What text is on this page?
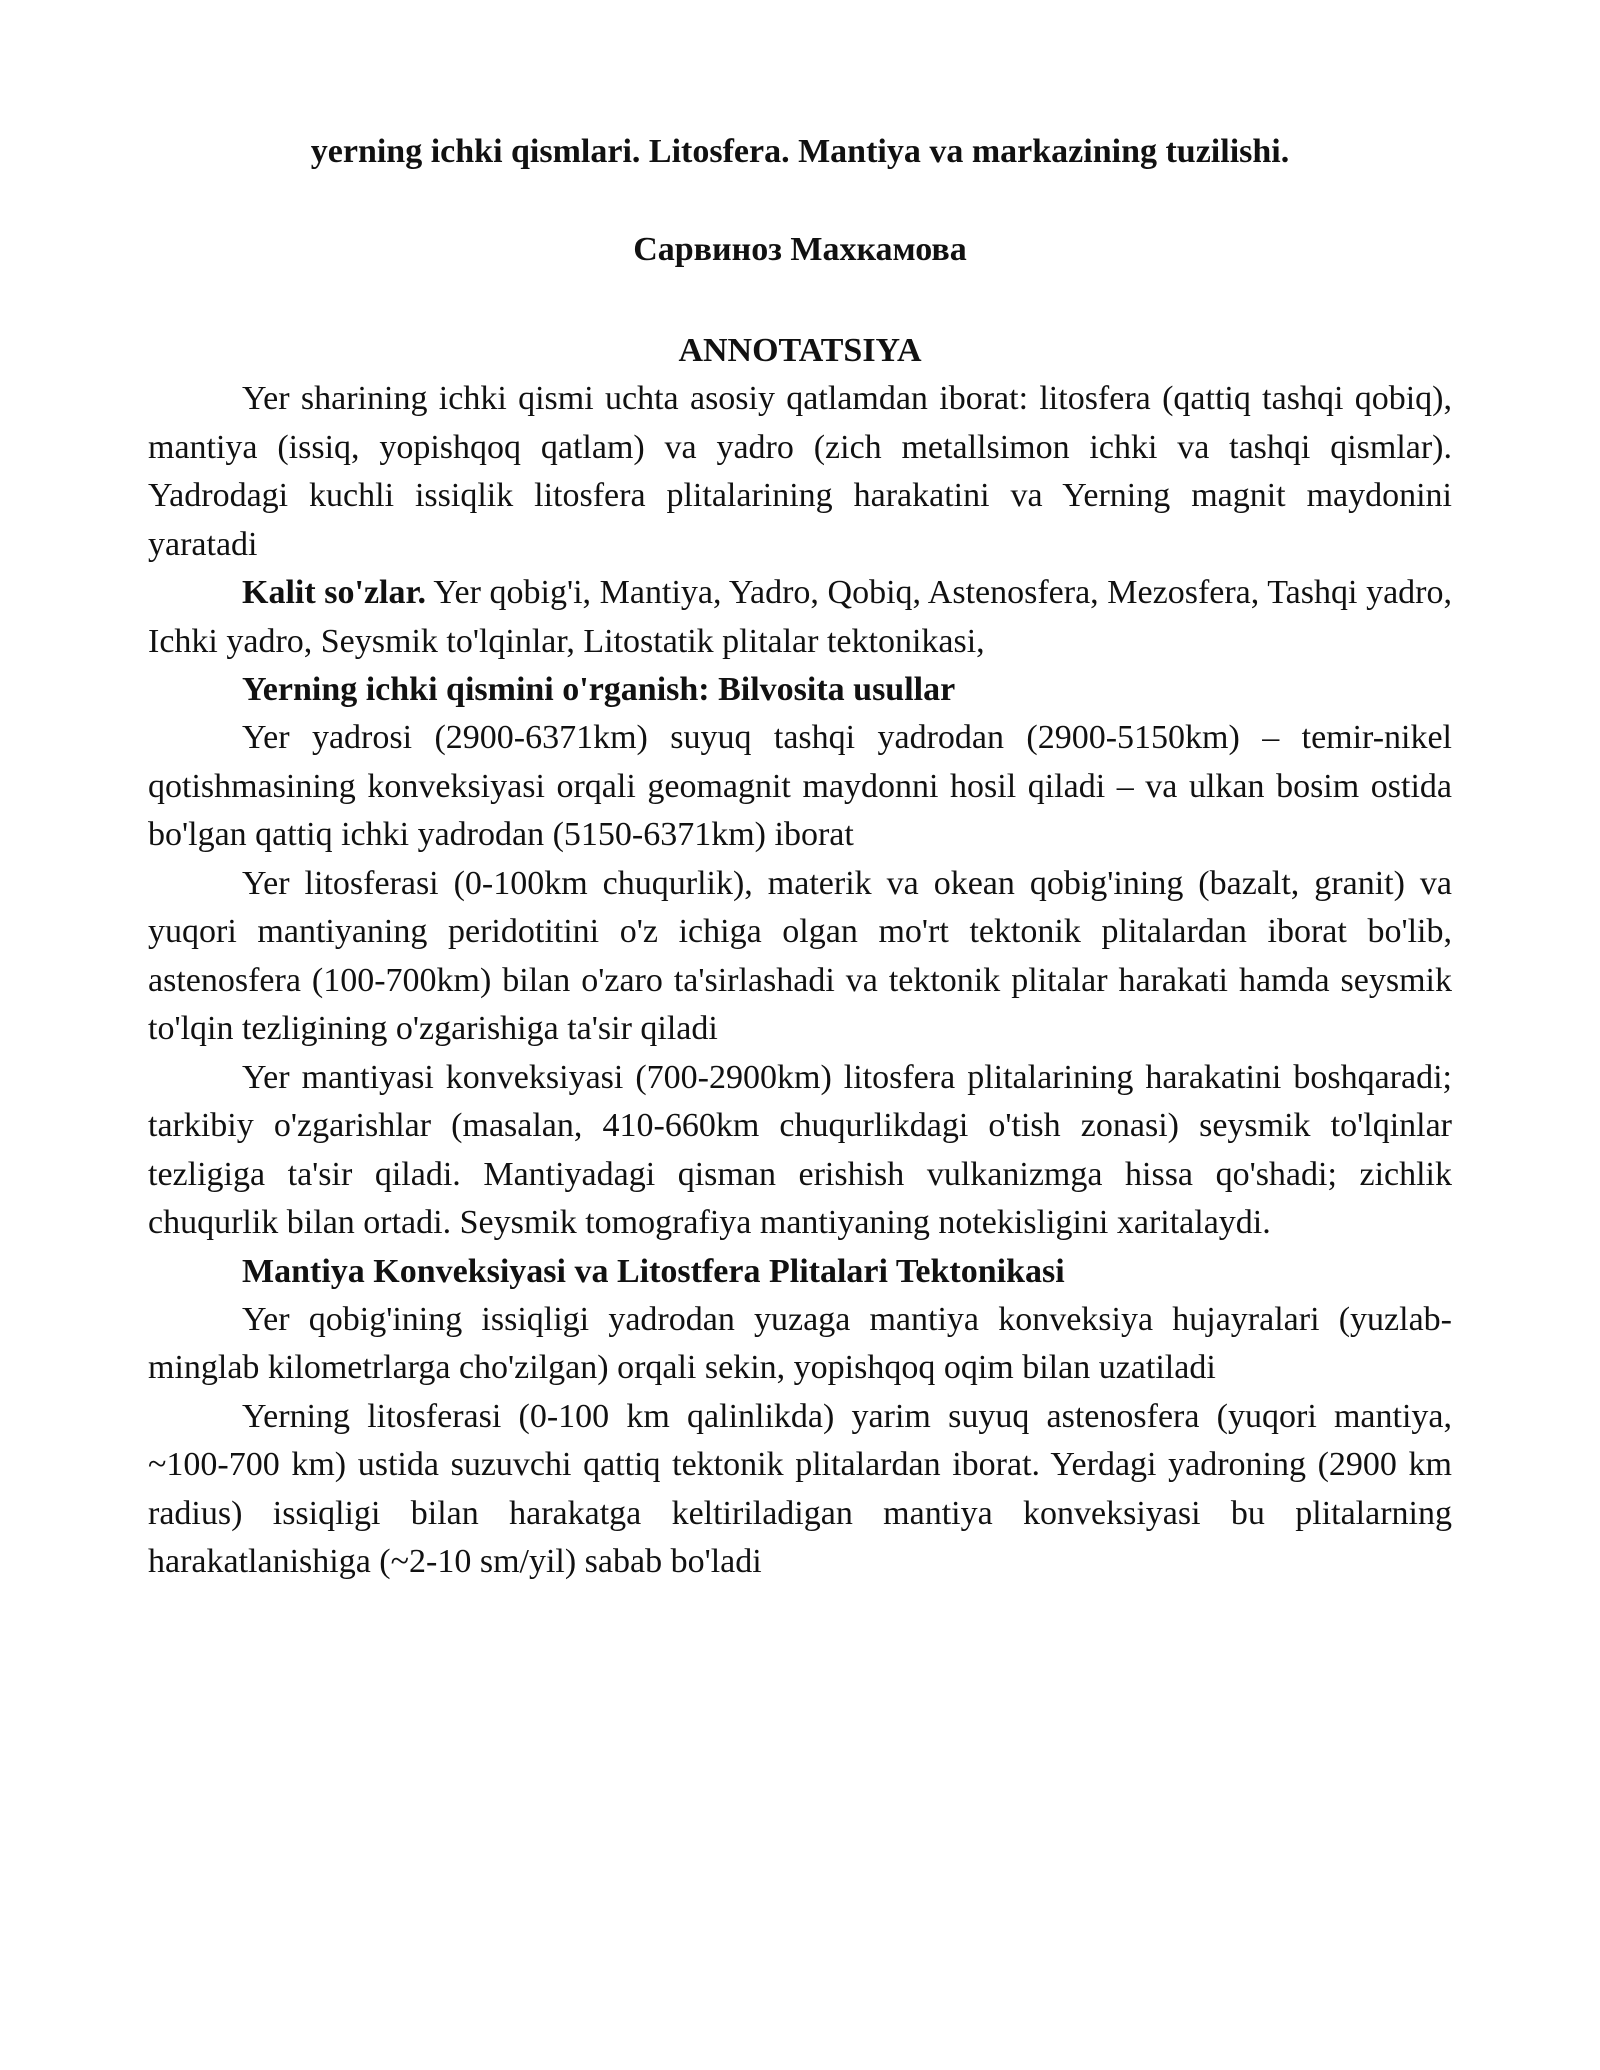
yerning ichki qismlari. Litosfera. Mantiya va markazining tuzilishi.
Сарвиноз Махкамова
ANNOTATSIYA

Yer sharining ichki qismi uchta asosiy qatlamdan iborat: litosfera (qattiq tashqi qobiq), mantiya (issiq, yopishqoq qatlam) va yadro (zich metallsimon ichki va tashqi qismlar). Yadrodagi kuchli issiqlik litosfera plitalarining harakatini va Yerning magnit maydonini yaratadi

Kalit so'zlar. Yer qobig'i, Mantiya, Yadro, Qobiq, Astenosfera, Mezosfera, Tashqi yadro, Ichki yadro, Seysmik to'lqinlar, Litostatik plitalar tektonikasi,

Yerning ichki qismini o'rganish: Bilvosita usullar

Yer yadrosi (2900-6371km) suyuq tashqi yadrodan (2900-5150km) – temir-nikel qotishmasining konveksiyasi orqali geomagnit maydonni hosil qiladi – va ulkan bosim ostida bo'lgan qattiq ichki yadrodan (5150-6371km) iborat

Yer litosferasi (0-100km chuqurlik), materik va okean qobig'ining (bazalt, granit) va yuqori mantiyaning peridotitini o'z ichiga olgan mo'rt tektonik plitalardan iborat bo'lib, astenosfera (100-700km) bilan o'zaro ta'sirlashadi va tektonik plitalar harakati hamda seysmik to'lqin tezligining o'zgarishiga ta'sir qiladi

Yer mantiyasi konveksiyasi (700-2900km) litosfera plitalarining harakatini boshqaradi; tarkibiy o'zgarishlar (masalan, 410-660km chuqurlikdagi o'tish zonasi) seysmik to'lqinlar tezligiga ta'sir qiladi. Mantiyadagi qisman erishish vulkanizmga hissa qo'shadi; zichlik chuqurlik bilan ortadi. Seysmik tomografiya mantiyaning notekisligini xaritalaydi.

Mantiya Konveksiyasi va Litostfera Plitalari Tektonikasi

Yer qobig'ining issiqligi yadrodan yuzaga mantiya konveksiya hujayralari (yuzlab-minglab kilometrlarga cho'zilgan) orqali sekin, yopishqoq oqim bilan uzatiladi

Yerning litosferasi (0-100 km qalinlikda) yarim suyuq astenosfera (yuqori mantiya, ~100-700 km) ustida suzuvchi qattiq tektonik plitalardan iborat. Yerdagi yadroning (2900 km radius) issiqligi bilan harakatga keltiriladigan mantiya konveksiyasi bu plitalarning harakatlanishiga (~2-10 sm/yil) sabab bo'ladi
